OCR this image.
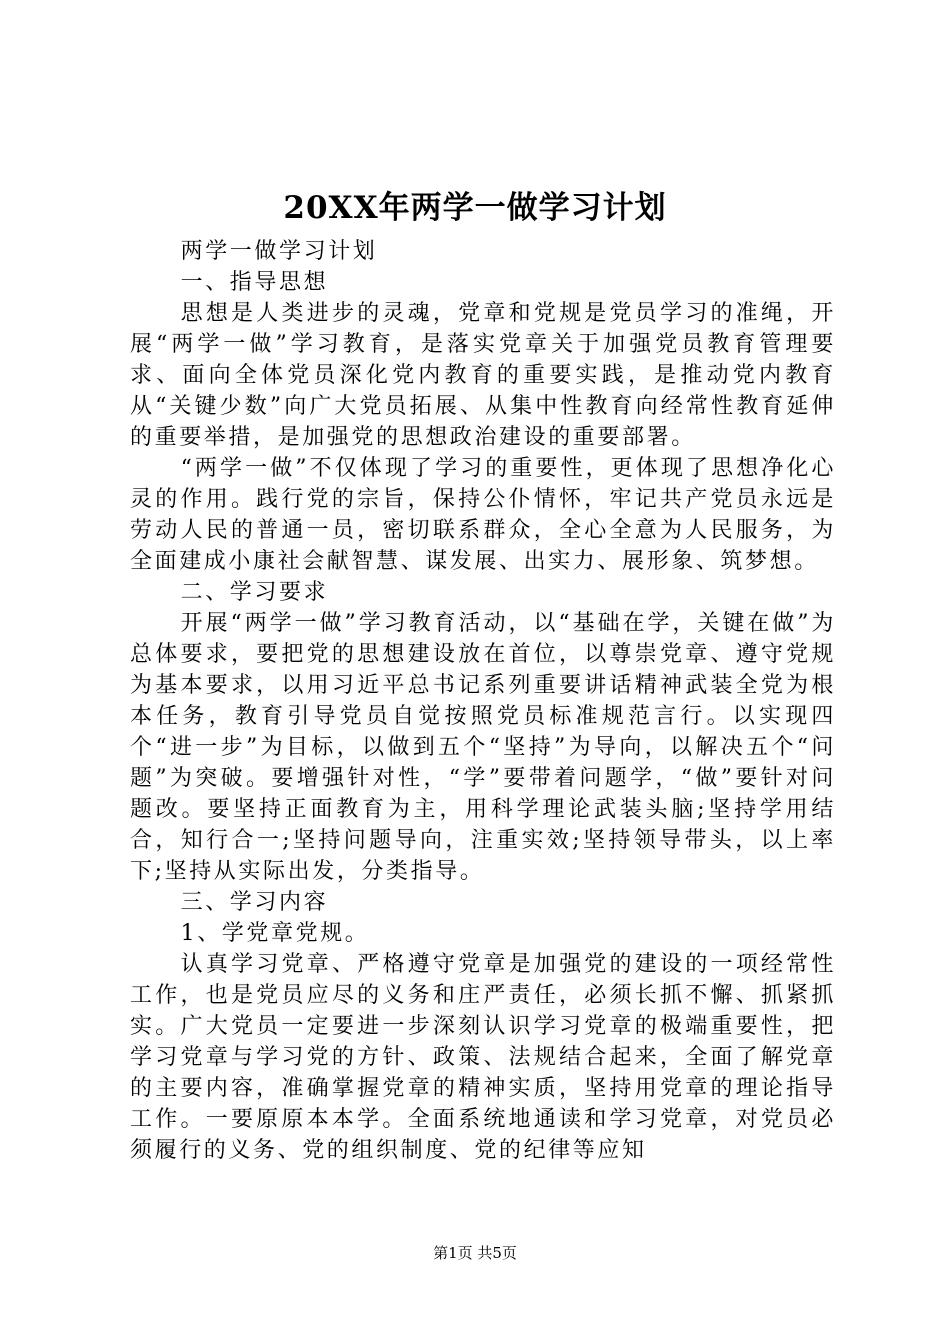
20XX年两学一做学习计划

两学一做学习计划

一、指导思想

思想是人类进步的灵魂，党章和党规是党员学习的准绳，开展“两学一做”学习教育，是落实党章关于加强党员教育管理要求、面向全体党员深化党内教育的重要实践，是推动党内教育从“关键少数”向广大党员拓展、从集中性教育向经常性教育延伸的重要举措，是加强党的思想政治建设的重要部署。

“两学一做”不仅体现了学习的重要性，更体现了思想净化心灵的作用。践行党的宗旨，保持公仆情怀，牢记共产党员永远是劳动人民的普通一员，密切联系群众，全心全意为人民服务，为全面建成小康社会献智慧、谋发展、出实力、展形象、筑梦想。

二、学习要求

开展“两学一做”学习教育活动，以“基础在学，关键在做”为总体要求，要把党的思想建设放在首位，以尊崇党章、遵守党规为基本要求，以用习近平总书记系列重要讲话精神武装全党为根本任务，教育引导党员自觉按照党员标准规范言行。以实现四个“进一步”为目标，以做到五个“坚持”为导向，以解决五个“问题”为突破。要增强针对性，“学”要带着问题学，“做”要针对问题改。要坚持正面教育为主，用科学理论武装头脑;坚持学用结合，知行合一;坚持问题导向，注重实效;坚持领导带头，以上率下;坚持从实际出发，分类指导。

三、学习内容

1、学党章党规。

认真学习党章、严格遵守党章是加强党的建设的一项经常性工作，也是党员应尽的义务和庄严责任，必须长抓不懈、抓紧抓实。广大党员一定要进一步深刻认识学习党章的极端重要性，把学习党章与学习党的方针、政策、法规结合起来，全面了解党章的主要内容，准确掌握党章的精神实质，坚持用党章的理论指导工作。一要原原本本学。全面系统地通读和学习党章，对党员必须履行的义务、党的组织制度、党的纪律等应知

第1页 共5页
